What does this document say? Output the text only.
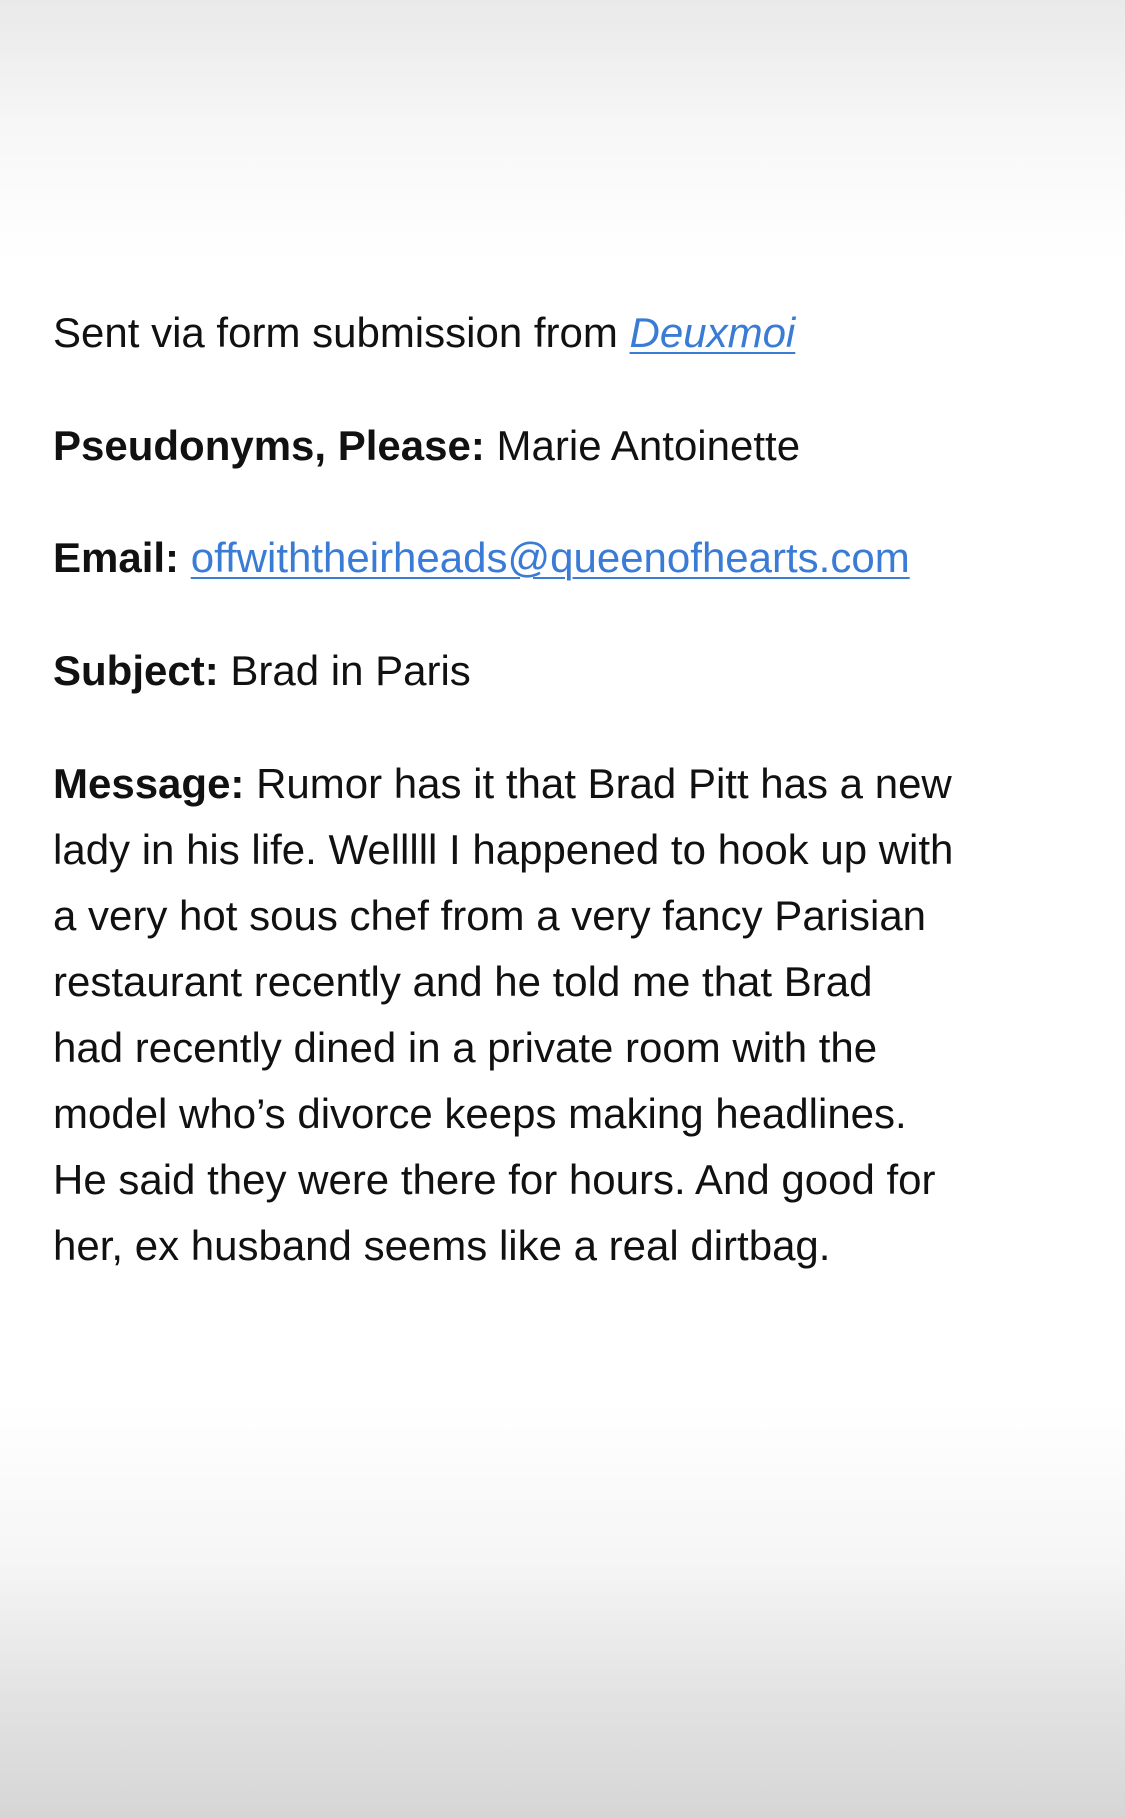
Sent via form submission from Deuxmoi
Pseudonyms, Please: Marie Antoinette
Email: offwiththeirheads@queenofhearts.com
Subject: Brad in Paris
Message: Rumor has it that Brad Pitt has a new
lady in his life. Welllll I happened to hook up with
a very hot sous chef from a very fancy Parisian
restaurant recently and he told me that Brad
had recently dined in a private room with the
model who’s divorce keeps making headlines.
He said they were there for hours. And good for
her, ex husband seems like a real dirtbag.
